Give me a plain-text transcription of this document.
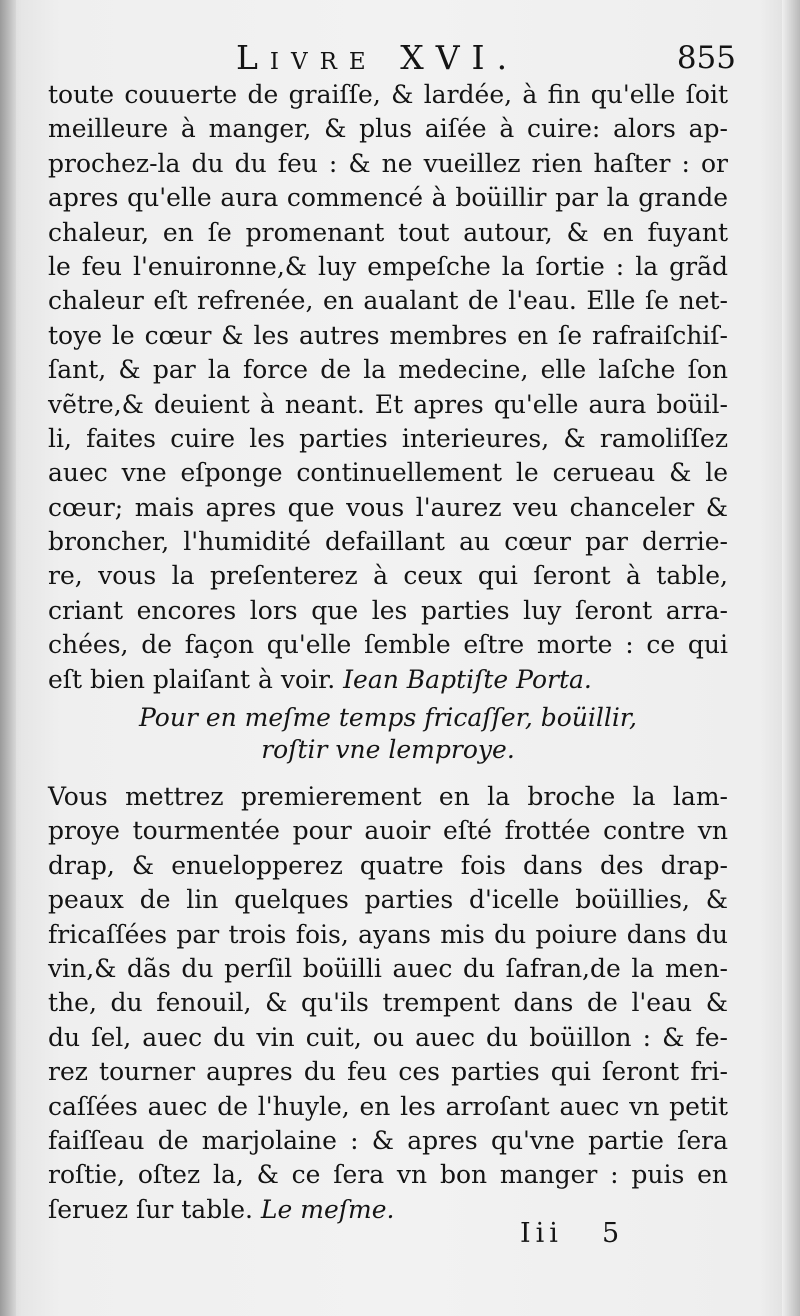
Livre XVI.	855
toute couuerte de graiſſe, & lardée, à fin qu'elle ſoit
meilleure à manger, & plus aiſée à cuire: alors ap-
prochez-la du du feu : & ne vueillez rien haſter : or
apres qu'elle aura commencé à boüillir par la grande
chaleur, en ſe promenant tout autour, & en fuyant
le feu l'enuironne,& luy empeſche la ſortie : la grãd
chaleur eſt refrenée, en aualant de l'eau. Elle ſe net-
toye le cœur & les autres membres en ſe rafraiſchiſ-
ſant, & par la force de la medecine, elle laſche ſon
vẽtre,& deuient à neant. Et apres qu'elle aura boüil-
li, faites cuire les parties interieures, & ramoliſſez
auec vne eſponge continuellement le cerueau & le
cœur; mais apres que vous l'aurez veu chanceler &
broncher, l'humidité defaillant au cœur par derrie-
re, vous la preſenterez à ceux qui ſeront à table,
criant encores lors que les parties luy ſeront arra-
chées, de façon qu'elle ſemble eſtre morte : ce qui
eſt bien plaiſant à voir. Iean Baptiſte Porta.
Pour en meſme temps fricaſſer, boüillir,
roſtir vne lemproye.
Vous mettrez premierement en la broche la lam-
proye tourmentée pour auoir eſté frottée contre vn
drap, & enuelopperez quatre fois dans des drap-
peaux de lin quelques parties d'icelle boüillies, &
fricaſſées par trois fois, ayans mis du poiure dans du
vin,& dãs du perſil boüilli auec du ſafran,de la men-
the, du fenouil, & qu'ils trempent dans de l'eau &
du ſel, auec du vin cuit, ou auec du boüillon : & fe-
rez tourner aupres du feu ces parties qui ſeront fri-
caſſées auec de l'huyle, en les arroſant auec vn petit
faiſſeau de marjolaine : & apres qu'vne partie ſera
roſtie, oſtez la, & ce ſera vn bon manger : puis en
ſeruez ſur table. Le meſme.
Iii 5
